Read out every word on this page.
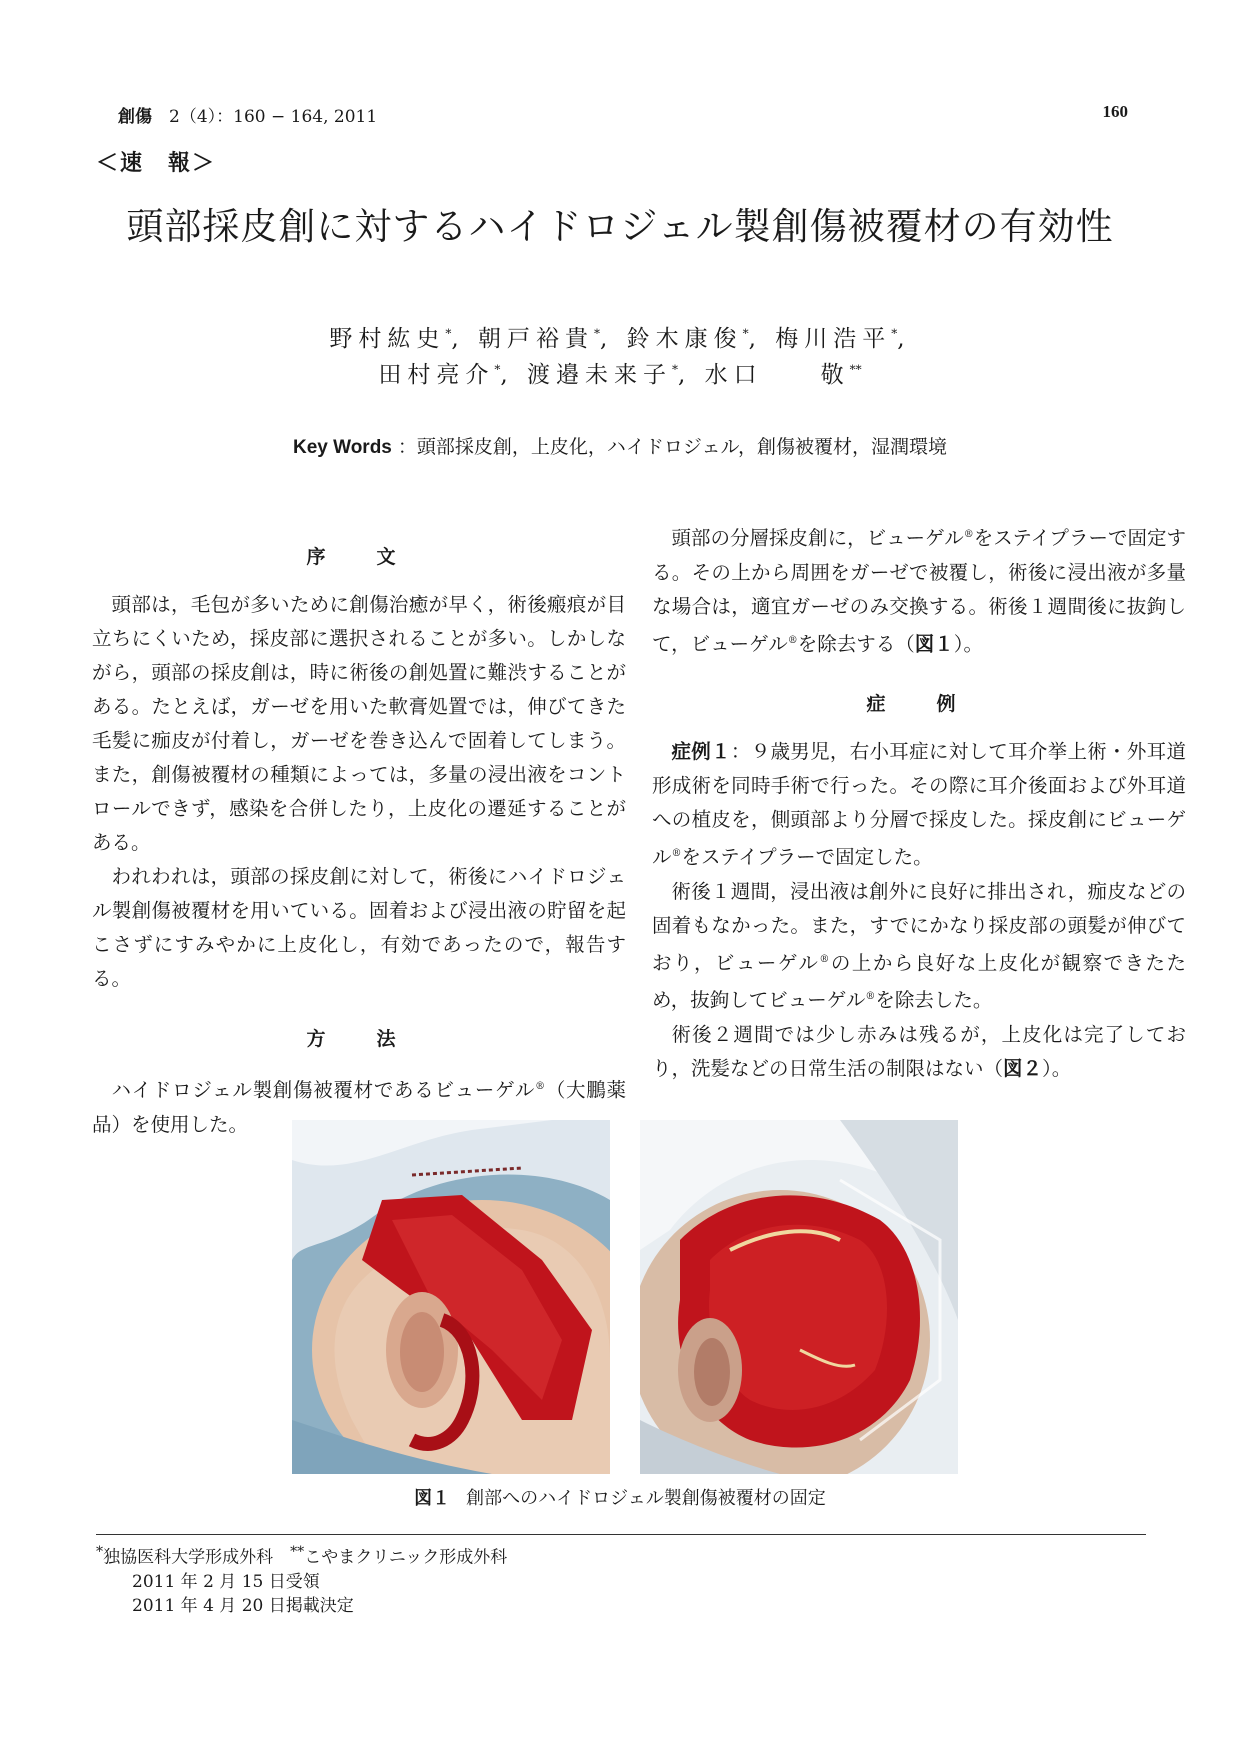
創傷　 2（4）：160 − 164, 2011	160
＜速　報＞
頭部採皮創に対するハイドロジェル製創傷被覆材の有効性
野村紘史*, 朝戸裕貴*, 鈴木康俊*, 梅川浩平*,
田村亮介*, 渡邉未来子*, 水口　　敬**
Key Words ：頭部採皮創，上皮化，ハイドロジェル，創傷被覆材，湿潤環境
序　文

頭部は，毛包が多いために創傷治癒が早く，術後瘢痕が目立ちにくいため，採皮部に選択されることが多い。しかしながら，頭部の採皮創は，時に術後の創処置に難渋することがある。たとえば，ガーゼを用いた軟膏処置では，伸びてきた毛髪に痂皮が付着し，ガーゼを巻き込んで固着してしまう。また，創傷被覆材の種類によっては，多量の浸出液をコントロールできず，感染を合併したり，上皮化の遷延することがある。

われわれは，頭部の採皮創に対して，術後にハイドロジェル製創傷被覆材を用いている。固着および浸出液の貯留を起こさずにすみやかに上皮化し，有効であったので，報告する。

方　法

ハイドロジェル製創傷被覆材であるビューゲル®（大鵬薬品）を使用した。

頭部の分層採皮創に，ビューゲル®をステイプラーで固定する。その上から周囲をガーゼで被覆し，術後に浸出液が多量な場合は，適宜ガーゼのみ交換する。術後１週間後に抜鉤して，ビューゲル®を除去する（図１）。

症　例

症例１：９歳男児，右小耳症に対して耳介挙上術・外耳道形成術を同時手術で行った。その際に耳介後面および外耳道への植皮を，側頭部より分層で採皮した。採皮創にビューゲル®をステイプラーで固定した。

術後１週間，浸出液は創外に良好に排出され，痂皮などの固着もなかった。また，すでにかなり採皮部の頭髪が伸びており，ビューゲル®の上から良好な上皮化が観察できたため，抜鉤してビューゲル®を除去した。

術後２週間では少し赤みは残るが，上皮化は完了しており，洗髪などの日常生活の制限はない（図２）。

図１ 創部へのハイドロジェル製創傷被覆材の固定
*独協医科大学形成外科　 **こやまクリニック形成外科
2011 年 2 月 15 日受領
2011 年 4 月 20 日掲載決定
